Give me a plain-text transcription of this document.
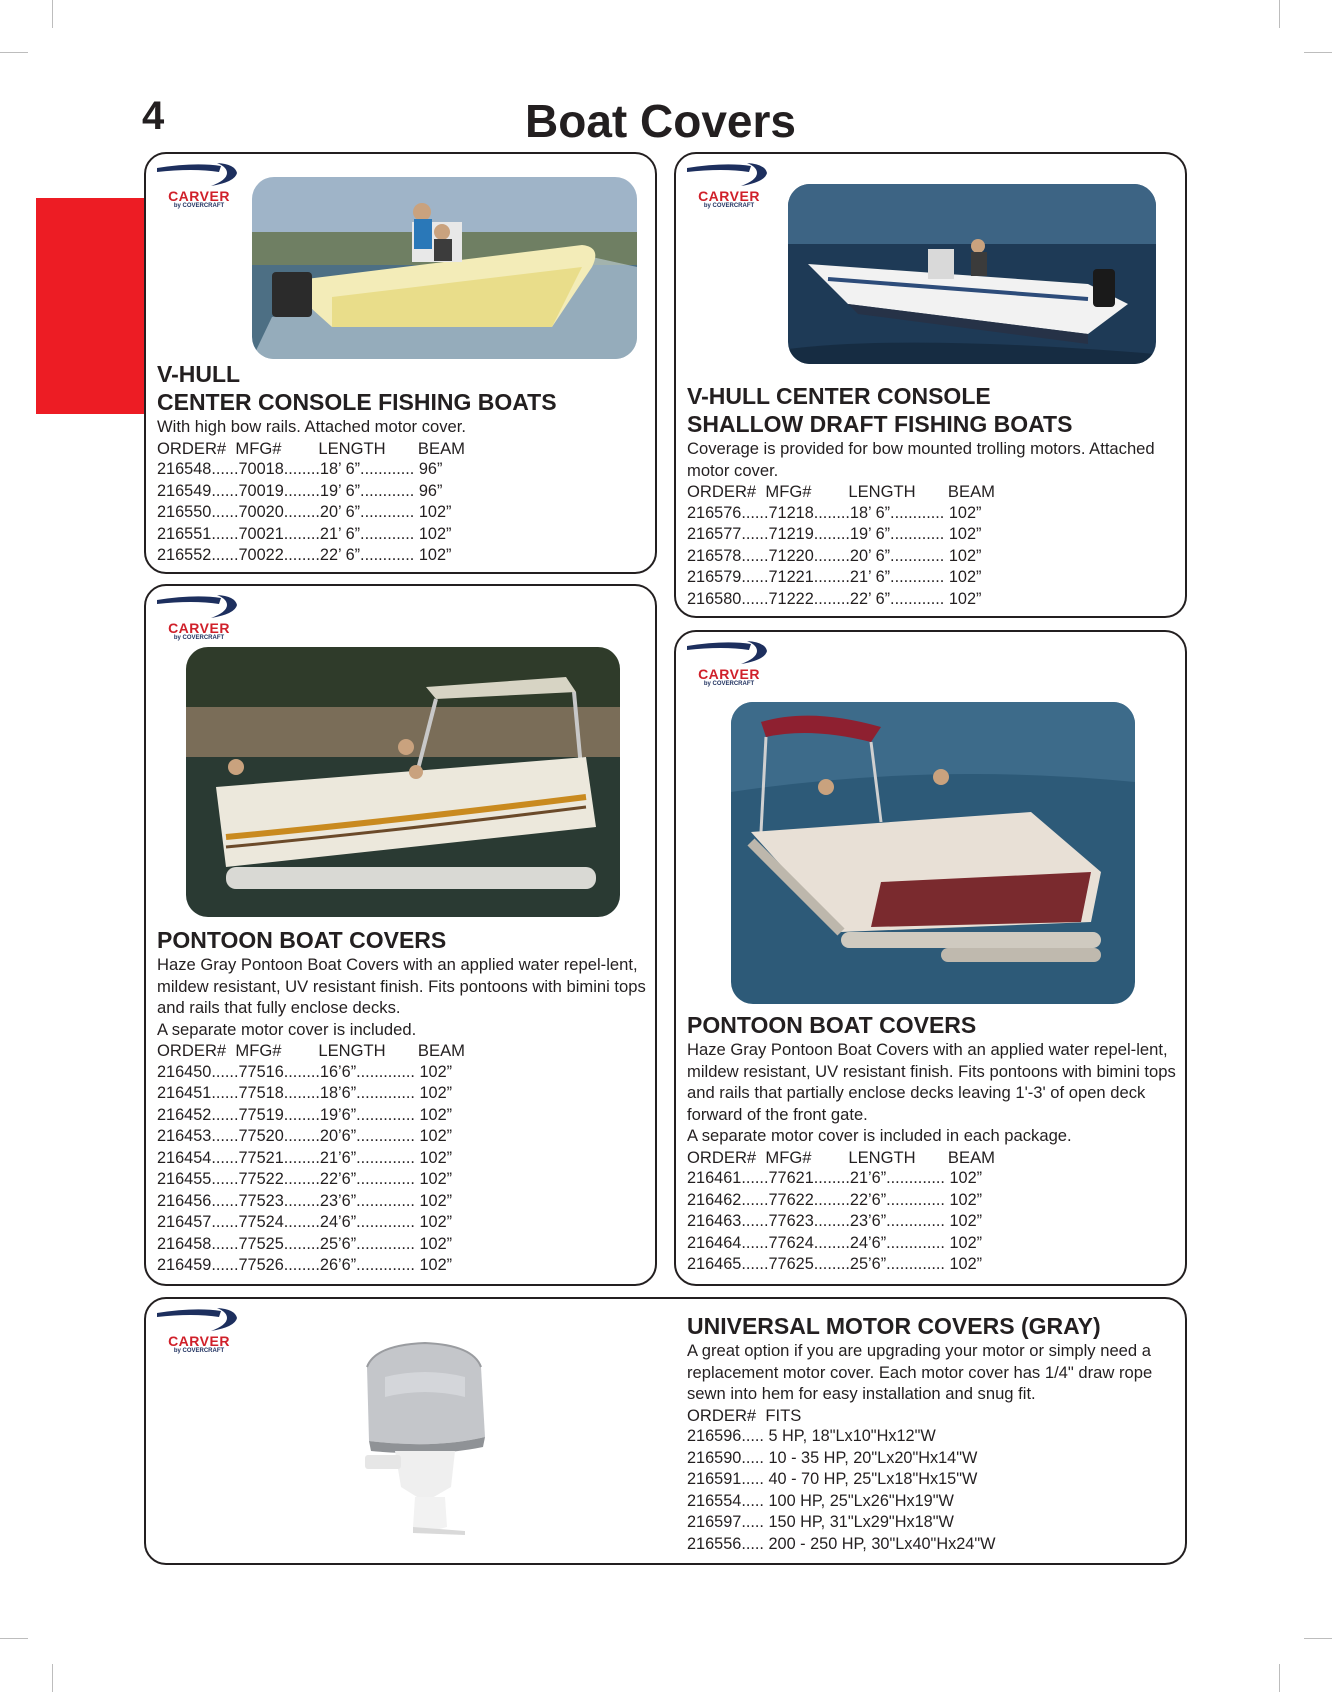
4	Boat Covers
CARVER
by COVERCRAFT
V-HULL
CENTER CONSOLE FISHING BOATS

With high bow rails. Attached motor cover.

ORDER#  MFG#        LENGTH       BEAM

216548......70018........18’ 6”............ 96”

216549......70019........19’ 6”............ 96”

216550......70020........20’ 6”............ 102”

216551......70021........21’ 6”............ 102”

216552......70022........22’ 6”............ 102”

CARVER
by COVERCRAFT
V-HULL CENTER CONSOLE
SHALLOW DRAFT FISHING BOATS

Coverage is provided for bow mounted trolling motors. Attached motor cover.

ORDER#  MFG#        LENGTH       BEAM

216576......71218........18’ 6”............ 102”

216577......71219........19’ 6”............ 102”

216578......71220........20’ 6”............ 102”

216579......71221........21’ 6”............ 102”

216580......71222........22’ 6”............ 102”

CARVER
by COVERCRAFT
PONTOON BOAT COVERS

Haze Gray Pontoon Boat Covers with an applied water repel-lent, mildew resistant, UV resistant finish. Fits pontoons with bimini tops and rails that fully enclose decks.

A separate motor cover is included.

ORDER#  MFG#        LENGTH       BEAM

216450......77516........16’6”............. 102”

216451......77518........18’6”............. 102”

216452......77519........19’6”............. 102”

216453......77520........20’6”............. 102”

216454......77521........21’6”............. 102”

216455......77522........22’6”............. 102”

216456......77523........23’6”............. 102”

216457......77524........24’6”............. 102”

216458......77525........25’6”............. 102”

216459......77526........26’6”............. 102”

CARVER
by COVERCRAFT
PONTOON BOAT COVERS

Haze Gray Pontoon Boat Covers with an applied water repel-lent, mildew resistant, UV resistant finish. Fits pontoons with bimini tops and rails that partially enclose decks leaving 1'-3' of open deck forward of the front gate.

A separate motor cover is included in each package.

ORDER#  MFG#        LENGTH       BEAM

216461......77621........21’6”............. 102”

216462......77622........22’6”............. 102”

216463......77623........23’6”............. 102”

216464......77624........24’6”............. 102”

216465......77625........25’6”............. 102”

CARVER
by COVERCRAFT
UNIVERSAL MOTOR COVERS (GRAY)

A great option if you are upgrading your motor or simply need a replacement motor cover. Each motor cover has 1/4" draw rope sewn into hem for easy installation and snug fit.

ORDER#  FITS

216596..... 5 HP, 18"Lx10"Hx12"W

216590..... 10 - 35 HP, 20"Lx20"Hx14"W

216591..... 40 - 70 HP, 25"Lx18"Hx15"W

216554..... 100 HP, 25"Lx26"Hx19"W

216597..... 150 HP, 31"Lx29"Hx18"W

216556..... 200 - 250 HP, 30"Lx40"Hx24"W
